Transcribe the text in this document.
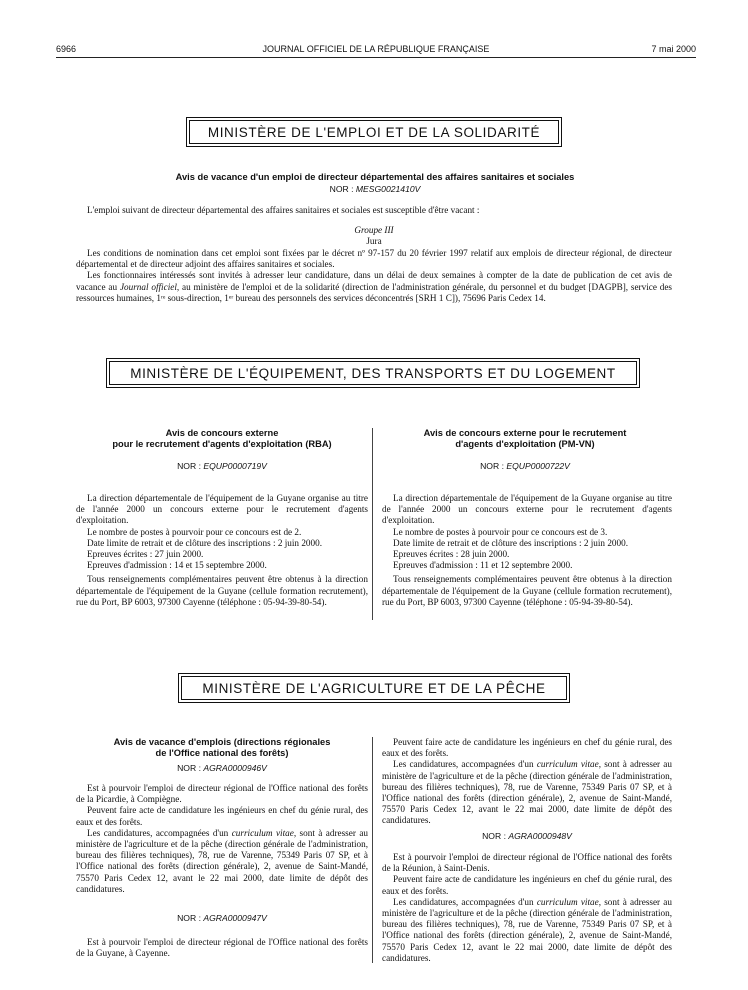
6966	JOURNAL OFFICIEL DE LA RÉPUBLIQUE FRANÇAISE	7 mai 2000
MINISTÈRE DE L'EMPLOI ET DE LA SOLIDARITÉ
Avis de vacance d'un emploi de directeur départemental des affaires sanitaires et sociales
NOR : MESG0021410V

L'emploi suivant de directeur départemental des affaires sanitaires et sociales est susceptible d'être vacant :

Groupe III
Jura

Les conditions de nomination dans cet emploi sont fixées par le décret nº 97-157 du 20 février 1997 relatif aux emplois de directeur régional, de directeur départemental et de directeur adjoint des affaires sanitaires et sociales.

Les fonctionnaires intéressés sont invités à adresser leur candidature, dans un délai de deux semaines à compter de la date de publication de cet avis de vacance au Journal officiel, au ministère de l'emploi et de la solidarité (direction de l'administration générale, du personnel et du budget [DAGPB], service des ressources humaines, 1ʳᵉ sous-direction, 1ᵉʳ bureau des personnels des services déconcentrés [SRH 1 C]), 75696 Paris Cedex 14.

MINISTÈRE DE L'ÉQUIPEMENT, DES TRANSPORTS ET DU LOGEMENT
Avis de concours externe
pour le recrutement d'agents d'exploitation (RBA)
NOR : EQUP0000719V

La direction départementale de l'équipement de la Guyane organise au titre de l'année 2000 un concours externe pour le recrutement d'agents d'exploitation.

Le nombre de postes à pourvoir pour ce concours est de 2.

Date limite de retrait et de clôture des inscriptions : 2 juin 2000.

Epreuves écrites : 27 juin 2000.

Epreuves d'admission : 14 et 15 septembre 2000.

Tous renseignements complémentaires peuvent être obtenus à la direction départementale de l'équipement de la Guyane (cellule formation recrutement), rue du Port, BP 6003, 97300 Cayenne (téléphone : 05-94-39-80-54).

Avis de concours externe pour le recrutement
d'agents d'exploitation (PM-VN)
NOR : EQUP0000722V

La direction départementale de l'équipement de la Guyane organise au titre de l'année 2000 un concours externe pour le recrutement d'agents d'exploitation.

Le nombre de postes à pourvoir pour ce concours est de 3.

Date limite de retrait et de clôture des inscriptions : 2 juin 2000.

Epreuves écrites : 28 juin 2000.

Epreuves d'admission : 11 et 12 septembre 2000.

Tous renseignements complémentaires peuvent être obtenus à la direction départementale de l'équipement de la Guyane (cellule formation recrutement), rue du Port, BP 6003, 97300 Cayenne (téléphone : 05-94-39-80-54).

MINISTÈRE DE L'AGRICULTURE ET DE LA PÊCHE
Avis de vacance d'emplois (directions régionales
de l'Office national des forêts)
NOR : AGRA0000946V

Est à pourvoir l'emploi de directeur régional de l'Office national des forêts de la Picardie, à Compiègne.

Peuvent faire acte de candidature les ingénieurs en chef du génie rural, des eaux et des forêts.

Les candidatures, accompagnées d'un curriculum vitae, sont à adresser au ministère de l'agriculture et de la pêche (direction générale de l'administration, bureau des filières techniques), 78, rue de Varenne, 75349 Paris 07 SP, et à l'Office national des forêts (direction générale), 2, avenue de Saint-Mandé, 75570 Paris Cedex 12, avant le 22 mai 2000, date limite de dépôt des candidatures.

NOR : AGRA0000947V

Est à pourvoir l'emploi de directeur régional de l'Office national des forêts de la Guyane, à Cayenne.

Peuvent faire acte de candidature les ingénieurs en chef du génie rural, des eaux et des forêts.

Les candidatures, accompagnées d'un curriculum vitae, sont à adresser au ministère de l'agriculture et de la pêche (direction générale de l'administration, bureau des filières techniques), 78, rue de Varenne, 75349 Paris 07 SP, et à l'Office national des forêts (direction générale), 2, avenue de Saint-Mandé, 75570 Paris Cedex 12, avant le 22 mai 2000, date limite de dépôt des candidatures.

NOR : AGRA0000948V

Est à pourvoir l'emploi de directeur régional de l'Office national des forêts de la Réunion, à Saint-Denis.

Peuvent faire acte de candidature les ingénieurs en chef du génie rural, des eaux et des forêts.

Les candidatures, accompagnées d'un curriculum vitae, sont à adresser au ministère de l'agriculture et de la pêche (direction générale de l'administration, bureau des filières techniques), 78, rue de Varenne, 75349 Paris 07 SP, et à l'Office national des forêts (direction générale), 2, avenue de Saint-Mandé, 75570 Paris Cedex 12, avant le 22 mai 2000, date limite de dépôt des candidatures.
